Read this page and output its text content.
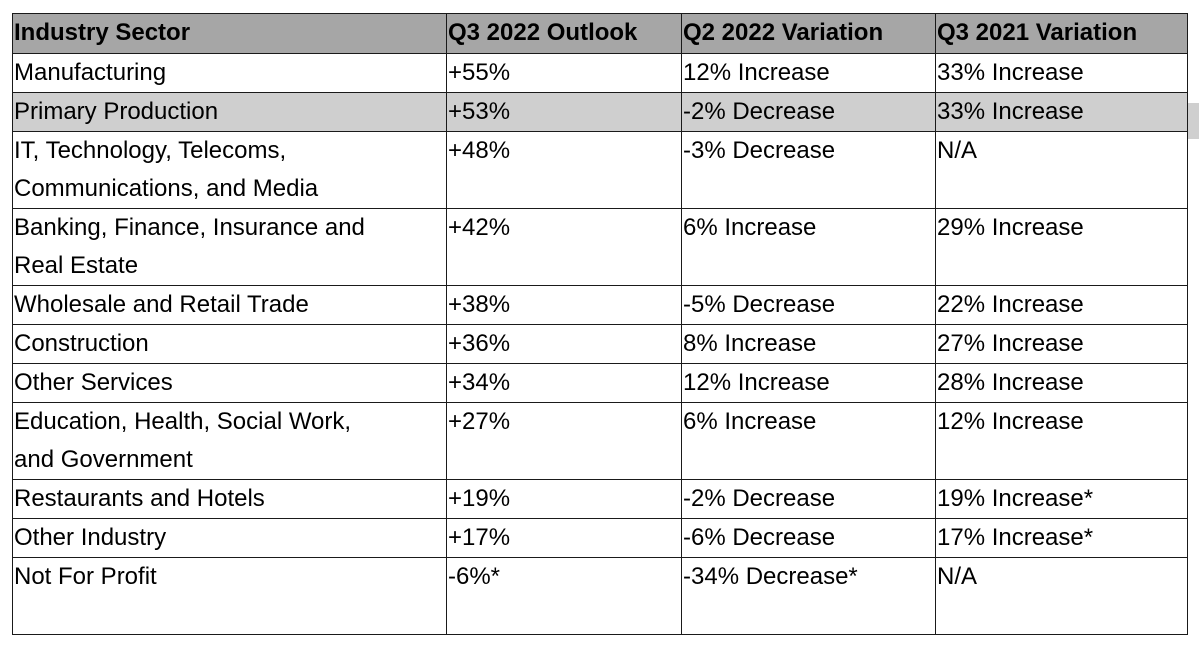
Industry Sector	Q3 2022 Outlook	Q2 2022 Variation	Q3 2021 Variation
Manufacturing	+55%	12% Increase	33% Increase
Primary Production	+53%	-2% Decrease	33% Increase
IT, Technology, Telecoms,
Communications, and Media	+48%	-3% Decrease	N/A
Banking, Finance, Insurance and
Real Estate	+42%	6% Increase	29% Increase
Wholesale and Retail Trade	+38%	-5% Decrease	22% Increase
Construction	+36%	8% Increase	27% Increase
Other Services	+34%	12% Increase	28% Increase
Education, Health, Social Work,
and Government	+27%	6% Increase	12% Increase
Restaurants and Hotels	+19%	-2% Decrease	19% Increase*
Other Industry	+17%	-6% Decrease	17% Increase*
Not For Profit	-6%*	-34% Decrease*	N/A
